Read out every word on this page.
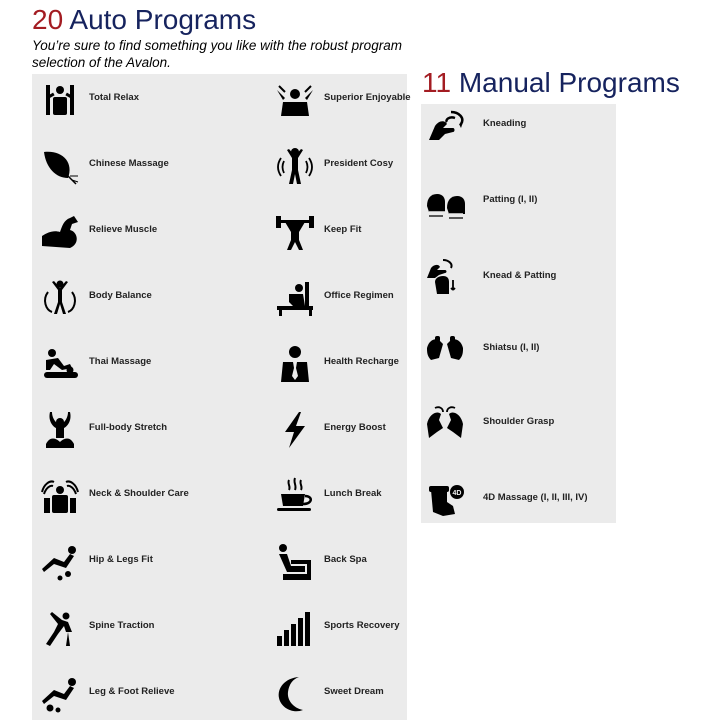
20 Auto Programs
You’re sure to find something you like with the robust program selection of the Avalon.
11 Manual Programs
Total Relax
Chinese Massage
Relieve Muscle
Body Balance
Thai Massage
Full-body Stretch
Neck & Shoulder Care
Hip & Legs Fit
Spine Traction
Leg & Foot Relieve
Superior Enjoyable
President Cosy
Keep Fit
Office Regimen
Health Recharge
Energy Boost
Lunch Break
Back Spa
Sports Recovery
Sweet Dream
Kneading
Patting (I, II)
Knead & Patting
Shiatsu (I, II)
Shoulder Grasp
4D 4D Massage (I, II, III, IV)
